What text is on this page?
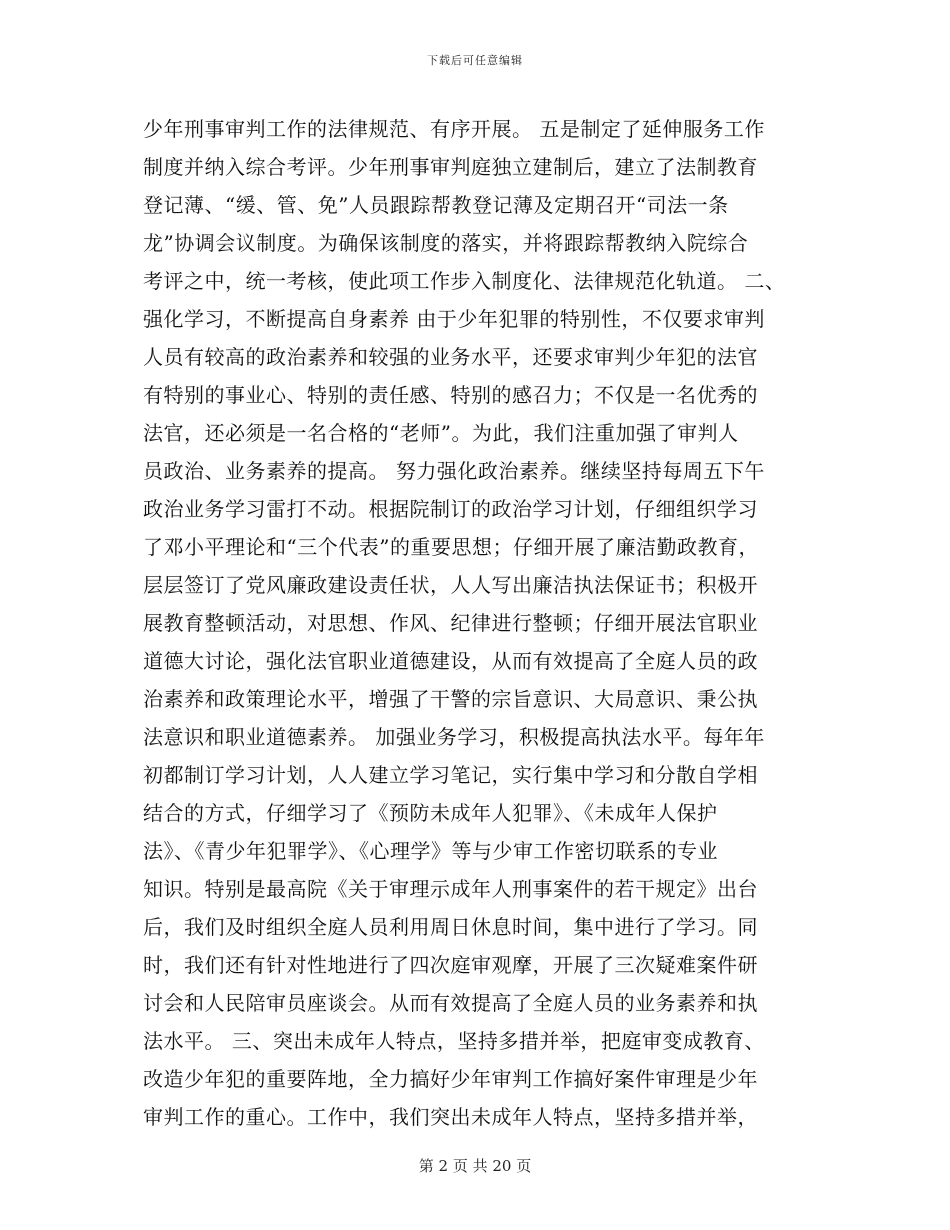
下载后可任意编辑
少年刑事审判工作的法律规范、有序开展。 五是制定了延伸服务工作
制度并纳入综合考评。少年刑事审判庭独立建制后，建立了法制教育
登记薄、“缓、管、免”人员跟踪帮教登记薄及定期召开“司法一条
龙”协调会议制度。为确保该制度的落实，并将跟踪帮教纳入院综合
考评之中，统一考核，使此项工作步入制度化、法律规范化轨道。 二、
强化学习，不断提高自身素养 由于少年犯罪的特别性，不仅要求审判
人员有较高的政治素养和较强的业务水平，还要求审判少年犯的法官
有特别的事业心、特别的责任感、特别的感召力；不仅是一名优秀的
法官，还必须是一名合格的“老师”。为此，我们注重加强了审判人
员政治、业务素养的提高。 努力强化政治素养。继续坚持每周五下午
政治业务学习雷打不动。根据院制订的政治学习计划，仔细组织学习
了邓小平理论和“三个代表”的重要思想；仔细开展了廉洁勤政教育，
层层签订了党风廉政建设责任状，人人写出廉洁执法保证书；积极开
展教育整顿活动，对思想、作风、纪律进行整顿；仔细开展法官职业
道德大讨论，强化法官职业道德建设，从而有效提高了全庭人员的政
治素养和政策理论水平，增强了干警的宗旨意识、大局意识、秉公执
法意识和职业道德素养。 加强业务学习，积极提高执法水平。每年年
初都制订学习计划，人人建立学习笔记，实行集中学习和分散自学相
结合的方式，仔细学习了《预防未成年人犯罪》、《未成年人保护
法》、《青少年犯罪学》、《心理学》等与少审工作密切联系的专业
知识。特别是最高院《关于审理示成年人刑事案件的若干规定》出台
后，我们及时组织全庭人员利用周日休息时间，集中进行了学习。同
时，我们还有针对性地进行了四次庭审观摩，开展了三次疑难案件研
讨会和人民陪审员座谈会。从而有效提高了全庭人员的业务素养和执
法水平。 三、突出未成年人特点，坚持多措并举，把庭审变成教育、
改造少年犯的重要阵地，全力搞好少年审判工作搞好案件审理是少年
审判工作的重心。工作中，我们突出未成年人特点，坚持多措并举，
第 2 页 共 20 页
